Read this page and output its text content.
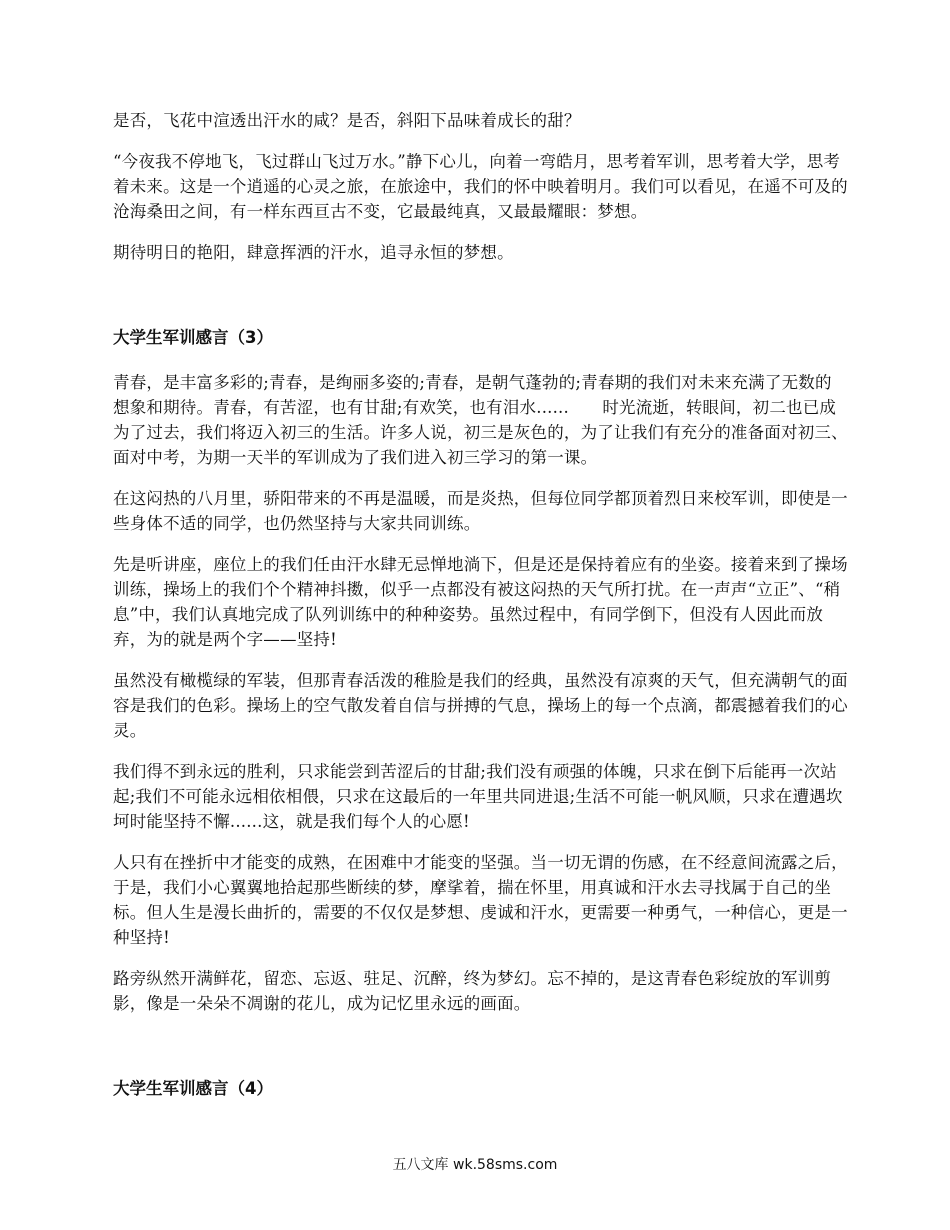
是否，飞花中渲透出汗水的咸？是否，斜阳下品味着成长的甜？

“今夜我不停地飞，飞过群山飞过万水。”静下心儿，向着一弯皓月，思考着军训，思考着大学，思考着未来。这是一个逍遥的心灵之旅，在旅途中，我们的怀中映着明月。我们可以看见，在遥不可及的沧海桑田之间，有一样东西亘古不变，它最最纯真，又最最耀眼：梦想。

期待明日的艳阳，肆意挥洒的汗水，追寻永恒的梦想。

大学生军训感言（3）

青春，是丰富多彩的;青春，是绚丽多姿的;青春，是朝气蓬勃的;青春期的我们对未来充满了无数的想象和期待。青春，有苦涩，也有甘甜;有欢笑，也有泪水......　　时光流逝，转眼间，初二也已成为了过去，我们将迈入初三的生活。许多人说，初三是灰色的，为了让我们有充分的准备面对初三、面对中考，为期一天半的军训成为了我们进入初三学习的第一课。

在这闷热的八月里，骄阳带来的不再是温暖，而是炎热，但每位同学都顶着烈日来校军训，即使是一些身体不适的同学，也仍然坚持与大家共同训练。

先是听讲座，座位上的我们任由汗水肆无忌惮地淌下，但是还是保持着应有的坐姿。接着来到了操场训练，操场上的我们个个精神抖擞，似乎一点都没有被这闷热的天气所打扰。在一声声“立正”、“稍息”中，我们认真地完成了队列训练中的种种姿势。虽然过程中，有同学倒下，但没有人因此而放弃，为的就是两个字——坚持!

虽然没有橄榄绿的军装，但那青春活泼的稚脸是我们的经典，虽然没有凉爽的天气，但充满朝气的面容是我们的色彩。操场上的空气散发着自信与拼搏的气息，操场上的每一个点滴，都震撼着我们的心灵。

我们得不到永远的胜利，只求能尝到苦涩后的甘甜;我们没有顽强的体魄，只求在倒下后能再一次站起;我们不可能永远相依相偎，只求在这最后的一年里共同进退;生活不可能一帆风顺，只求在遭遇坎坷时能坚持不懈......这，就是我们每个人的心愿!

人只有在挫折中才能变的成熟，在困难中才能变的坚强。当一切无谓的伤感，在不经意间流露之后，于是，我们小心翼翼地拾起那些断续的梦，摩挲着，揣在怀里，用真诚和汗水去寻找属于自己的坐标。但人生是漫长曲折的，需要的不仅仅是梦想、虔诚和汗水，更需要一种勇气，一种信心，更是一种坚持!

路旁纵然开满鲜花，留恋、忘返、驻足、沉醉，终为梦幻。忘不掉的，是这青春色彩绽放的军训剪影，像是一朵朵不凋谢的花儿，成为记忆里永远的画面。

大学生军训感言（4）
五八文库 wk.58sms.com
